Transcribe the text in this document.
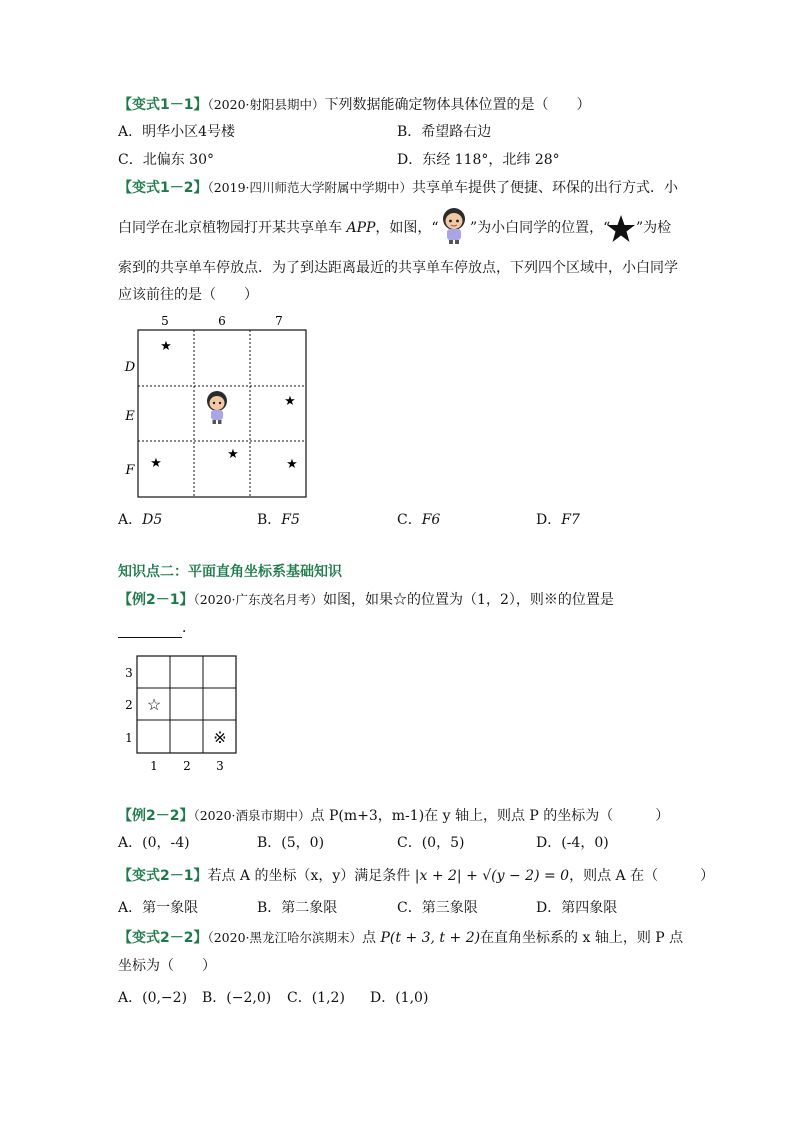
【变式1－1】（2020·射阳县期中）下列数据能确定物体具体位置的是（　　）
A．明华小区4号楼	B．希望路右边
C．北偏东 30°	D．东经 118°，北纬 28°
【变式1－2】（2019·四川师范大学附属中学期中）共享单车提供了便捷、环保的出行方式．小
白同学在北京植物园打开某共享单车 APP，如图，“ ”为小白同学的位置，“ ”为检
索到的共享单车停放点．为了到达距离最近的共享单车停放点，下列四个区域中，小白同学
应该前往的是（　　）
5	6	7
D
E
F
★
★
★
★
★
A．D5	B．F5	C．F6	D．F7
知识点二：平面直角坐标系基础知识
【例2－1】（2020·广东茂名月考）如图，如果☆的位置为（1，2），则※的位置是
．
3
2
1
1 2 3
☆
※
【例2－2】（2020·酒泉市期中）点 P(m+3，m-1)在 y 轴上，则点 P 的坐标为（　　　）
A．(0，-4)	B．(5，0)	C．(0，5)	D．(-4，0)
【变式2－1】若点 A 的坐标（x，y）满足条件 |x + 2| + √(y − 2) = 0，则点 A 在（　　　）
A．第一象限	B．第二象限	C．第三象限	D．第四象限
【变式2－2】（2020·黑龙江哈尔滨期末）点 P(t + 3, t + 2)在直角坐标系的 x 轴上，则 P 点
坐标为（　　）
A．(0,−2) B．(−2,0) C．(1,2) D．(1,0)
